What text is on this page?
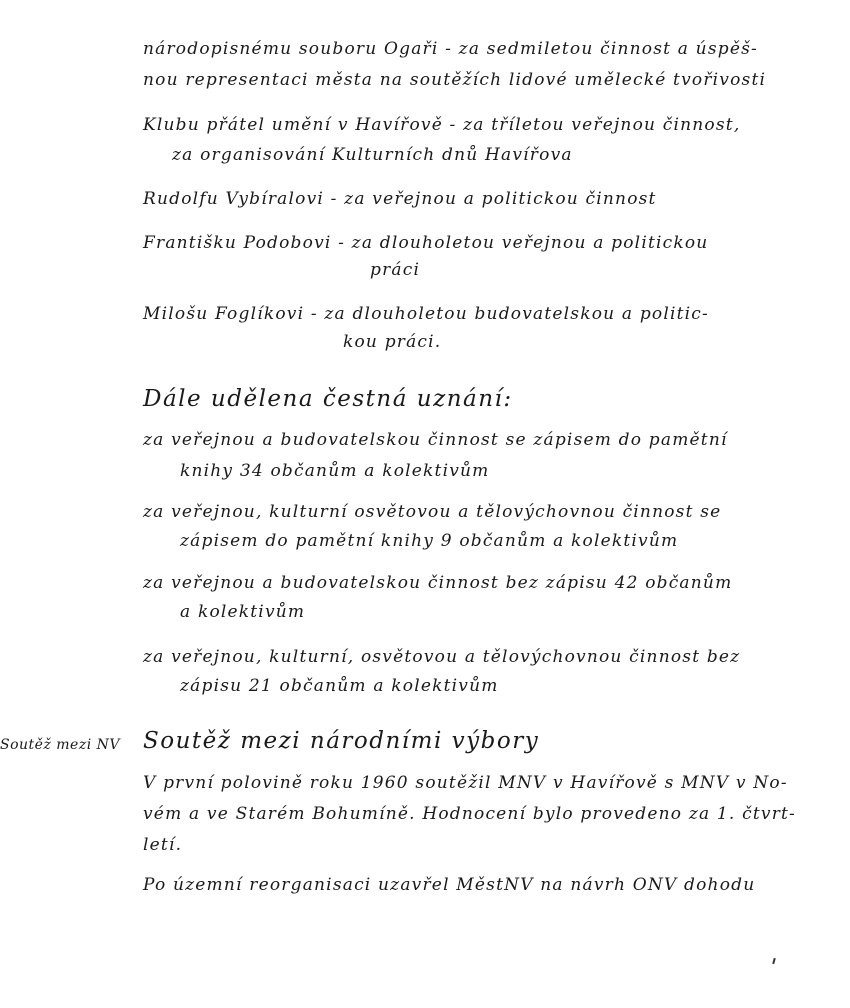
národopisnému souboru Ogaři - za sedmiletou činnost a úspěš-
nou representaci města na soutěžích lidové umělecké tvořivosti
Klubu přátel umění v Havířově - za tříletou veřejnou činnost,
za organisování Kulturních dnů Havířova
Rudolfu Vybíralovi - za veřejnou a politickou činnost
Františku Podobovi - za dlouholetou veřejnou a politickou
práci
Milošu Foglíkovi - za dlouholetou budovatelskou a politic-
kou práci.
Dále udělena čestná uznání:
za veřejnou a budovatelskou činnost se zápisem do pamětní
knihy 34 občanům a kolektivům
za veřejnou, kulturní osvětovou a tělovýchovnou činnost se
zápisem do pamětní knihy 9 občanům a kolektivům
za veřejnou a budovatelskou činnost bez zápisu 42 občanům
a kolektivům
za veřejnou, kulturní, osvětovou a tělovýchovnou činnost bez
zápisu 21 občanům a kolektivům
Soutěž mezi NV Soutěž mezi národními výbory
V první polovině roku 1960 soutěžil MNV v Havířově s MNV v No-
vém a ve Starém Bohumíně. Hodnocení bylo provedeno za 1. čtvrt-
letí.
Po územní reorganisaci uzavřel MěstNV na návrh ONV dohodu
